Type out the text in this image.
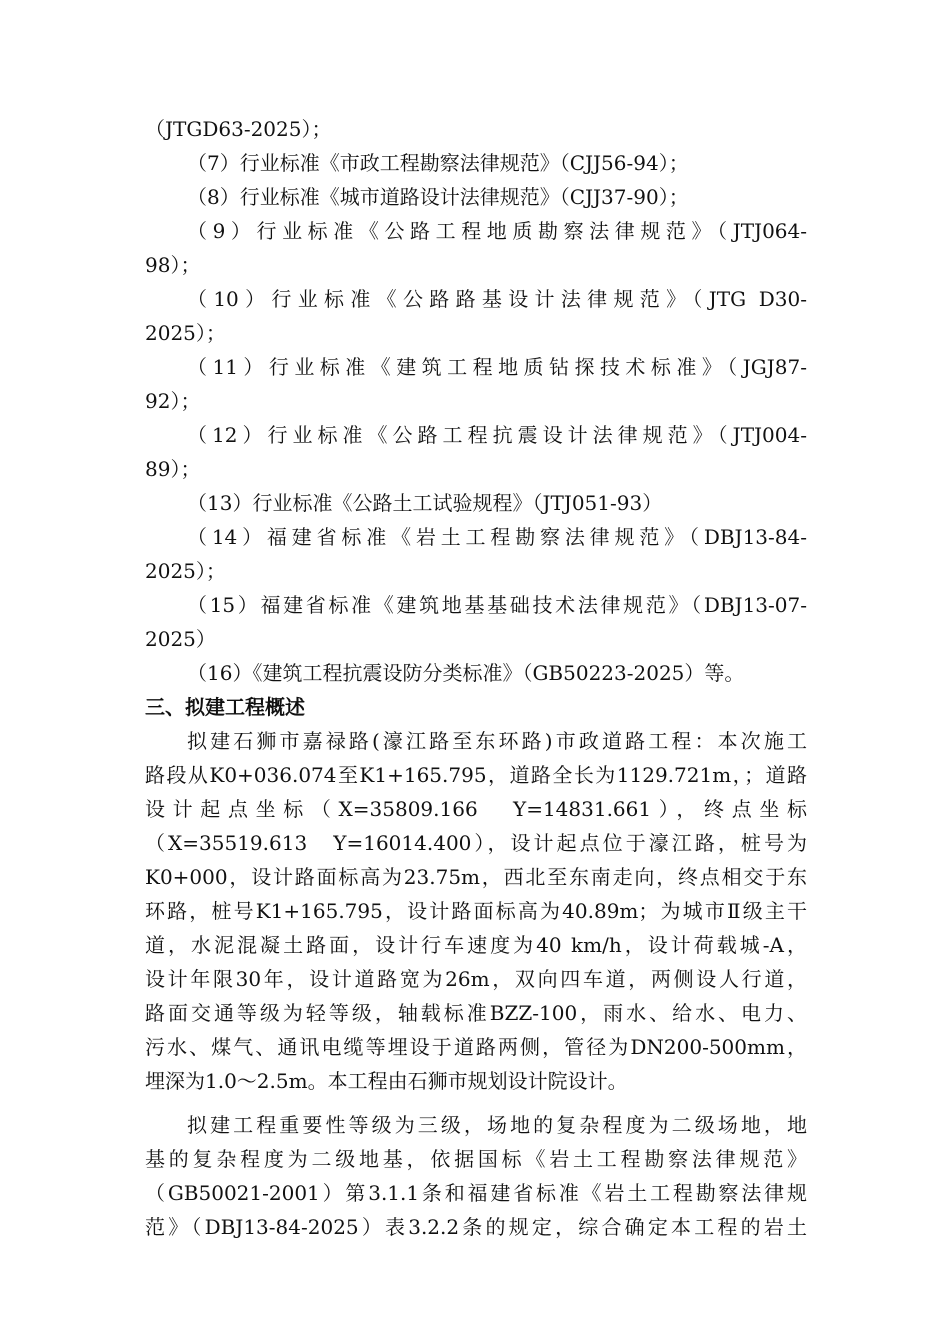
（JTGD63-2025）；
（7）行业标准《市政工程勘察法律规范》（CJJ56-94）；
（8）行业标准《城市道路设计法律规范》（CJJ37-90）；
（9）行业标准《公路工程地质勘察法律规范》（JTJ064-
98）；
（10）行业标准《公路路基设计法律规范》（JTG D30-
2025）；
（11）行业标准《建筑工程地质钻探技术标准》（JGJ87-
92）；
（12）行业标准《公路工程抗震设计法律规范》（JTJ004-
89）；
（13）行业标准《公路土工试验规程》（JTJ051-93）
（14）福建省标准《岩土工程勘察法律规范》（DBJ13-84-
2025）；
（15）福建省标准《建筑地基基础技术法律规范》（DBJ13-07-
2025）
（16）《建筑工程抗震设防分类标准》（GB50223-2025）等。
三、拟建工程概述
拟建石狮市嘉禄路(濠江路至东环路)市政道路工程：本次施工
路段从K0+036.074至K1+165.795，道路全长为1129.721m，；道路
设计起点坐标（X=35809.166　Y=14831.661），终点坐标
（X=35519.613　Y=16014.400），设计起点位于濠江路，桩号为
K0+000，设计路面标高为23.75m，西北至东南走向，终点相交于东
环路，桩号K1+165.795，设计路面标高为40.89m；为城市Ⅱ级主干
道，水泥混凝土路面，设计行车速度为40 km/h，设计荷载城-A，
设计年限30年，设计道路宽为26m，双向四车道，两侧设人行道，
路面交通等级为轻等级，轴载标准BZZ-100，雨水、给水、电力、
污水、煤气、通讯电缆等埋设于道路两侧，管径为DN200-500mm，
埋深为1.0～2.5m。本工程由石狮市规划设计院设计。
拟建工程重要性等级为三级，场地的复杂程度为二级场地，地
基的复杂程度为二级地基，依据国标《岩土工程勘察法律规范》
（GB50021-2001）第3.1.1条和福建省标准《岩土工程勘察法律规
范》（DBJ13-84-2025）表3.2.2条的规定，综合确定本工程的岩土
